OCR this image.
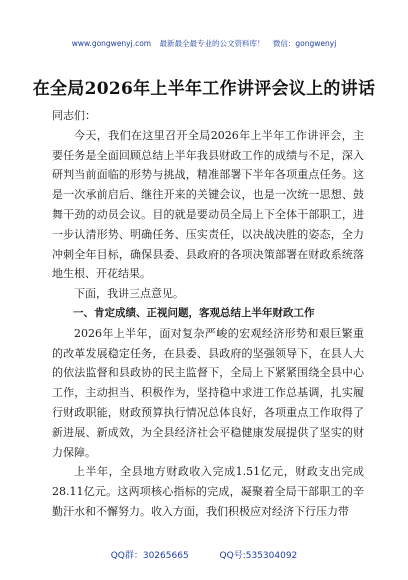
www.gongwenyj.com 最新最全最专业的公文资料库！ 微信：gongwenyj
在全局2026年上半年工作讲评会议上的讲话

同志们：

今天，我们在这里召开全局2026年上半年工作讲评会，主要任务是全面回顾总结上半年我县财政工作的成绩与不足，深入研判当前面临的形势与挑战，精准部署下半年各项重点任务。这是一次承前启后、继往开来的关键会议，也是一次统一思想、鼓舞干劲的动员会议。目的就是要动员全局上下全体干部职工，进一步认清形势、明确任务、压实责任，以决战决胜的姿态，全力冲刺全年目标，确保县委、县政府的各项决策部署在财政系统落地生根、开花结果。

下面，我讲三点意见。

一、肯定成绩、正视问题，客观总结上半年财政工作

2026年上半年，面对复杂严峻的宏观经济形势和艰巨繁重的改革发展稳定任务，在县委、县政府的坚强领导下，在县人大的依法监督和县政协的民主监督下，全局上下紧紧围绕全县中心工作，主动担当、积极作为，坚持稳中求进工作总基调，扎实履行财政职能，财政预算执行情况总体良好，各项重点工作取得了新进展、新成效，为全县经济社会平稳健康发展提供了坚实的财力保障。

上半年，全县地方财政收入完成1.51亿元，财政支出完成28.11亿元。这两项核心指标的完成，凝聚着全局干部职工的辛勤汗水和不懈努力。收入方面，我们积极应对经济下行压力带

QQ群：30265665	QQ号:535304092
